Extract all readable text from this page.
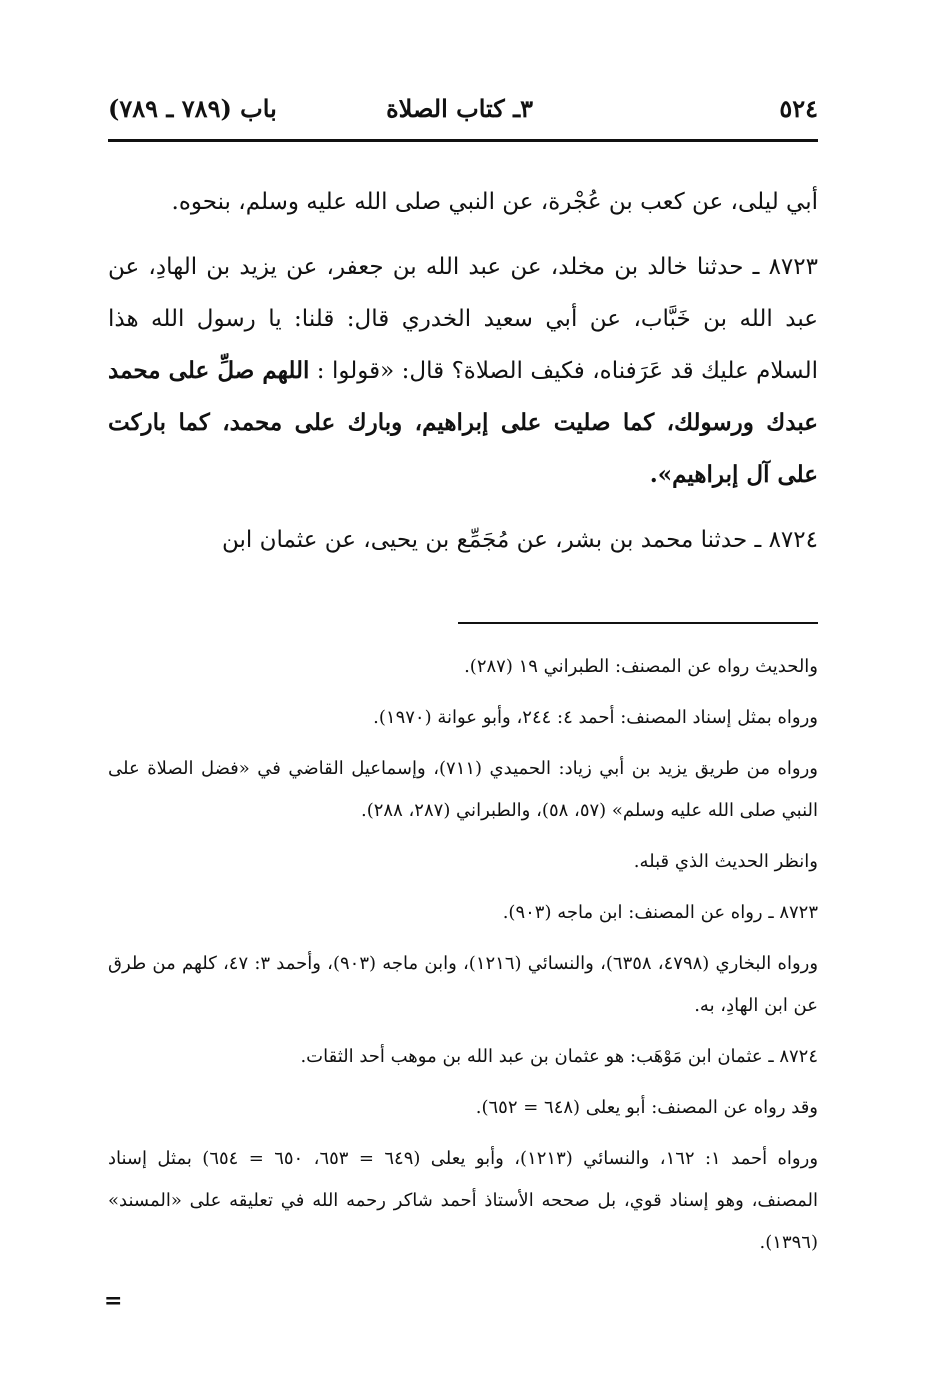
٥٢٤
٣ـ كتاب الصلاة
باب (٧٨٩ ـ ٧٨٩)

أبي ليلى، عن كعب بن عُجْرة، عن النبي صلى الله عليه وسلم، بنحوه.

٨٧٢٣ ـ حدثنا خالد بن مخلد، عن عبد الله بن جعفر، عن يزيد بن الهادِ، عن عبد الله بن خَبَّاب، عن أبي سعيد الخدري قال: قلنا: يا رسول الله هذا السلام عليك قد عَرَفناه، فكيف الصلاة؟ قال: «قولوا : اللهم صلِّ على محمد عبدك ورسولك، كما صليت على إبراهيم، وبارك على محمد، كما باركت على آل إبراهيم».

٨٧٢٤ ـ حدثنا محمد بن بشر، عن مُجَمِّع بن يحيى، عن عثمان ابن

والحديث رواه عن المصنف: الطبراني ١٩ (٢٨٧).

ورواه بمثل إسناد المصنف: أحمد ٤: ٢٤٤، وأبو عوانة (١٩٧٠).

ورواه من طريق يزيد بن أبي زياد: الحميدي (٧١١)، وإسماعيل القاضي في «فضل الصلاة على النبي صلى الله عليه وسلم» (٥٧، ٥٨)، والطبراني (٢٨٧، ٢٨٨).

وانظر الحديث الذي قبله.

٨٧٢٣ ـ رواه عن المصنف: ابن ماجه (٩٠٣).

ورواه البخاري (٤٧٩٨، ٦٣٥٨)، والنسائي (١٢١٦)، وابن ماجه (٩٠٣)، وأحمد ٣: ٤٧، كلهم من طرق عن ابن الهادِ، به.

٨٧٢٤ ـ عثمان ابن مَوْهَب: هو عثمان بن عبد الله بن موهب أحد الثقات.

وقد رواه عن المصنف: أبو يعلى (٦٤٨ = ٦٥٢).

ورواه أحمد ١: ١٦٢، والنسائي (١٢١٣)، وأبو يعلى (٦٤٩ = ٦٥٣، ٦٥٠ = ٦٥٤) بمثل إسناد المصنف، وهو إسناد قوي، بل صححه الأستاذ أحمد شاكر رحمه الله في تعليقه على «المسند» (١٣٩٦).

=
